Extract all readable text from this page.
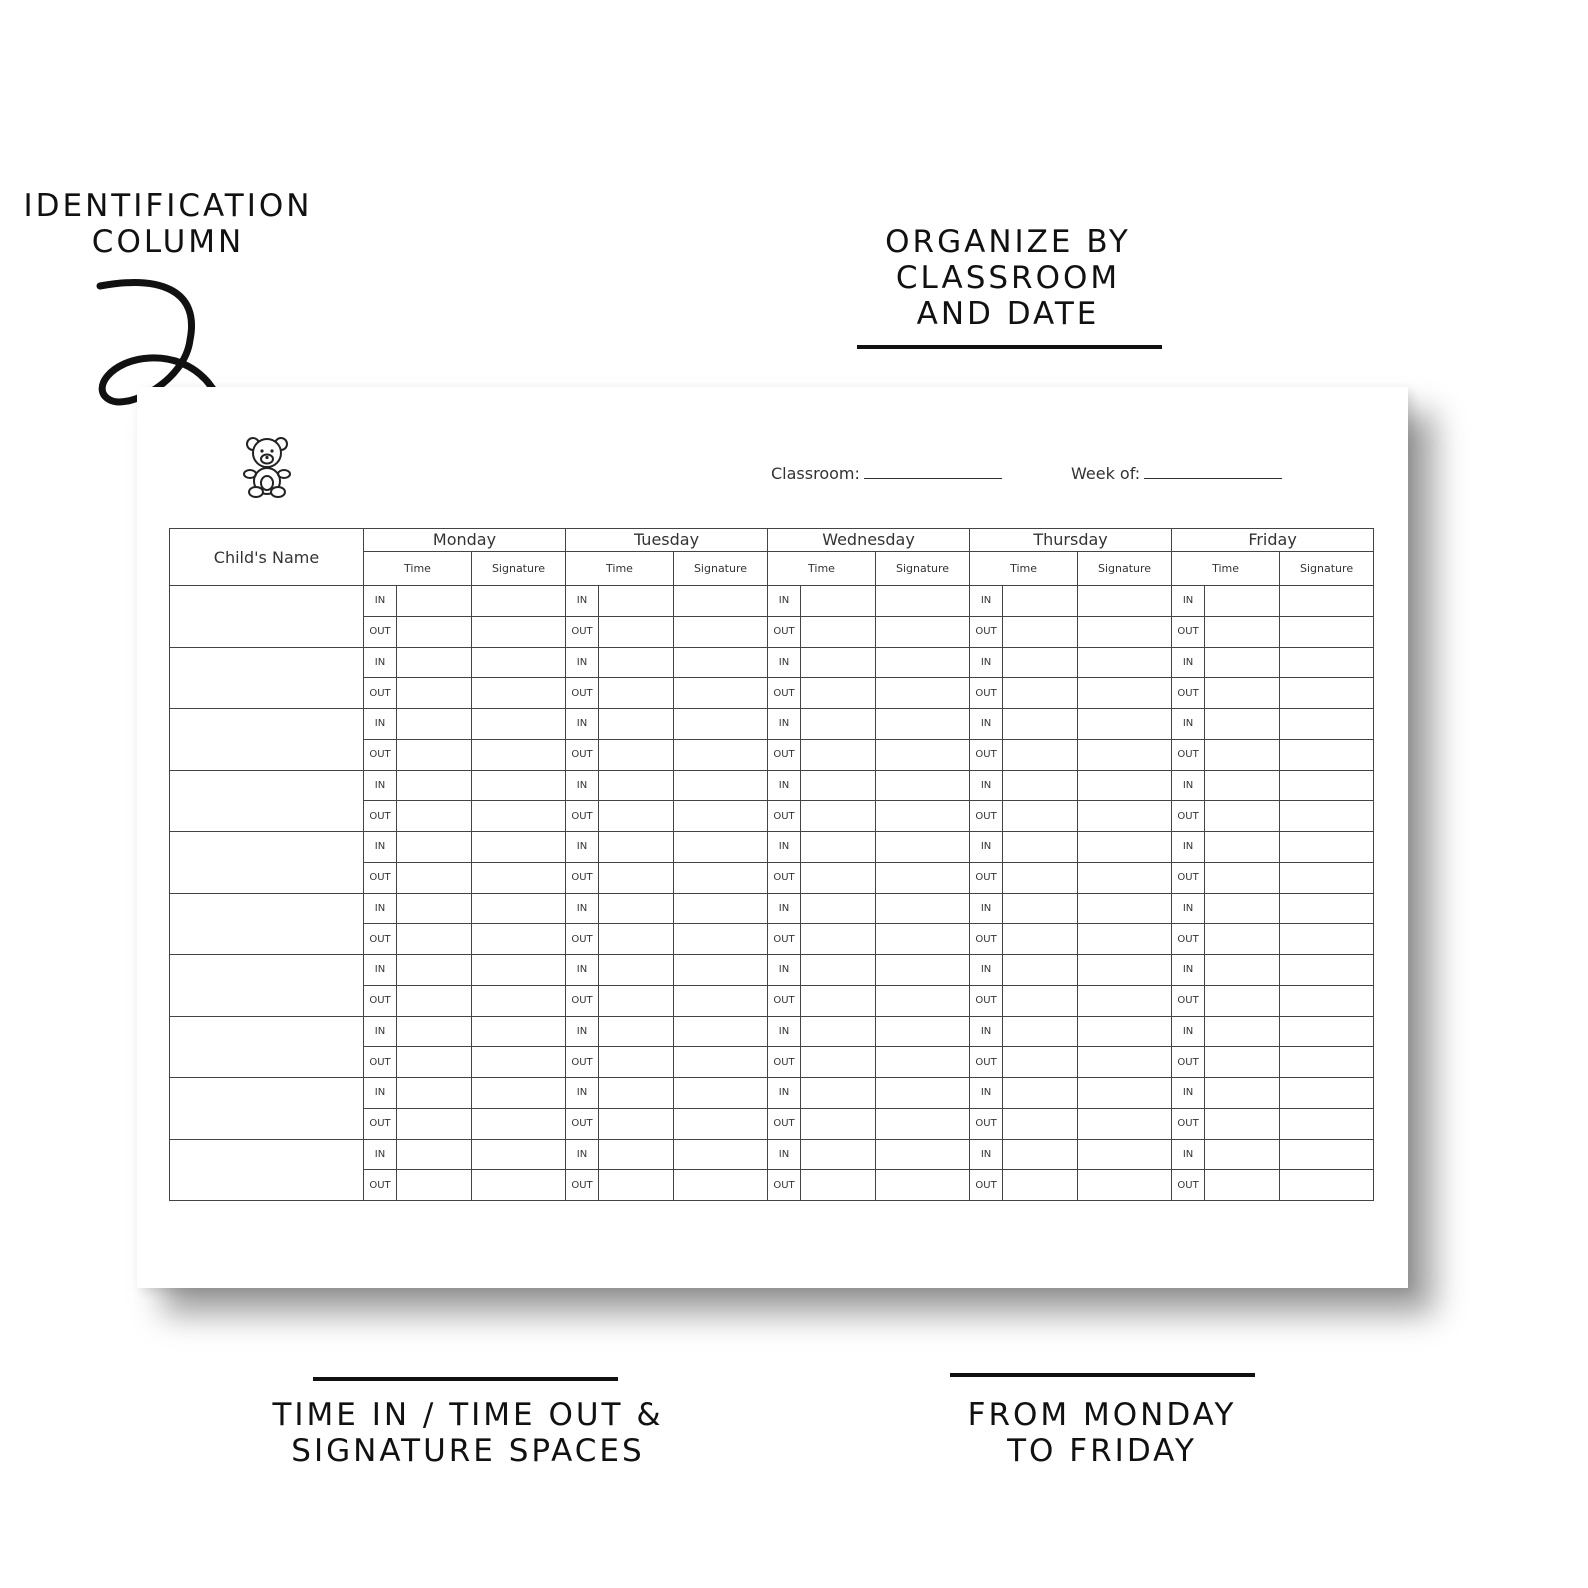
IDENTIFICATION
COLUMN	ORGANIZE BY
CLASSROOM
AND DATE
Classroom:	Week of:
Child's Name	Monday			Tuesday			Wednesday			Thursday			Friday		
	Time		Signature	Time		Signature	Time		Signature	Time		Signature	Time		Signature
	IN			IN			IN			IN			IN		
	OUT			OUT			OUT			OUT			OUT		
	IN			IN			IN			IN			IN		
	OUT			OUT			OUT			OUT			OUT		
	IN			IN			IN			IN			IN		
	OUT			OUT			OUT			OUT			OUT		
	IN			IN			IN			IN			IN		
	OUT			OUT			OUT			OUT			OUT		
	IN			IN			IN			IN			IN		
	OUT			OUT			OUT			OUT			OUT		
	IN			IN			IN			IN			IN		
	OUT			OUT			OUT			OUT			OUT		
	IN			IN			IN			IN			IN		
	OUT			OUT			OUT			OUT			OUT		
	IN			IN			IN			IN			IN		
	OUT			OUT			OUT			OUT			OUT		
	IN			IN			IN			IN			IN		
	OUT			OUT			OUT			OUT			OUT		
	IN			IN			IN			IN			IN		
	OUT			OUT			OUT			OUT			OUT		
TIME IN / TIME OUT &
SIGNATURE SPACES
FROM MONDAY
TO FRIDAY
